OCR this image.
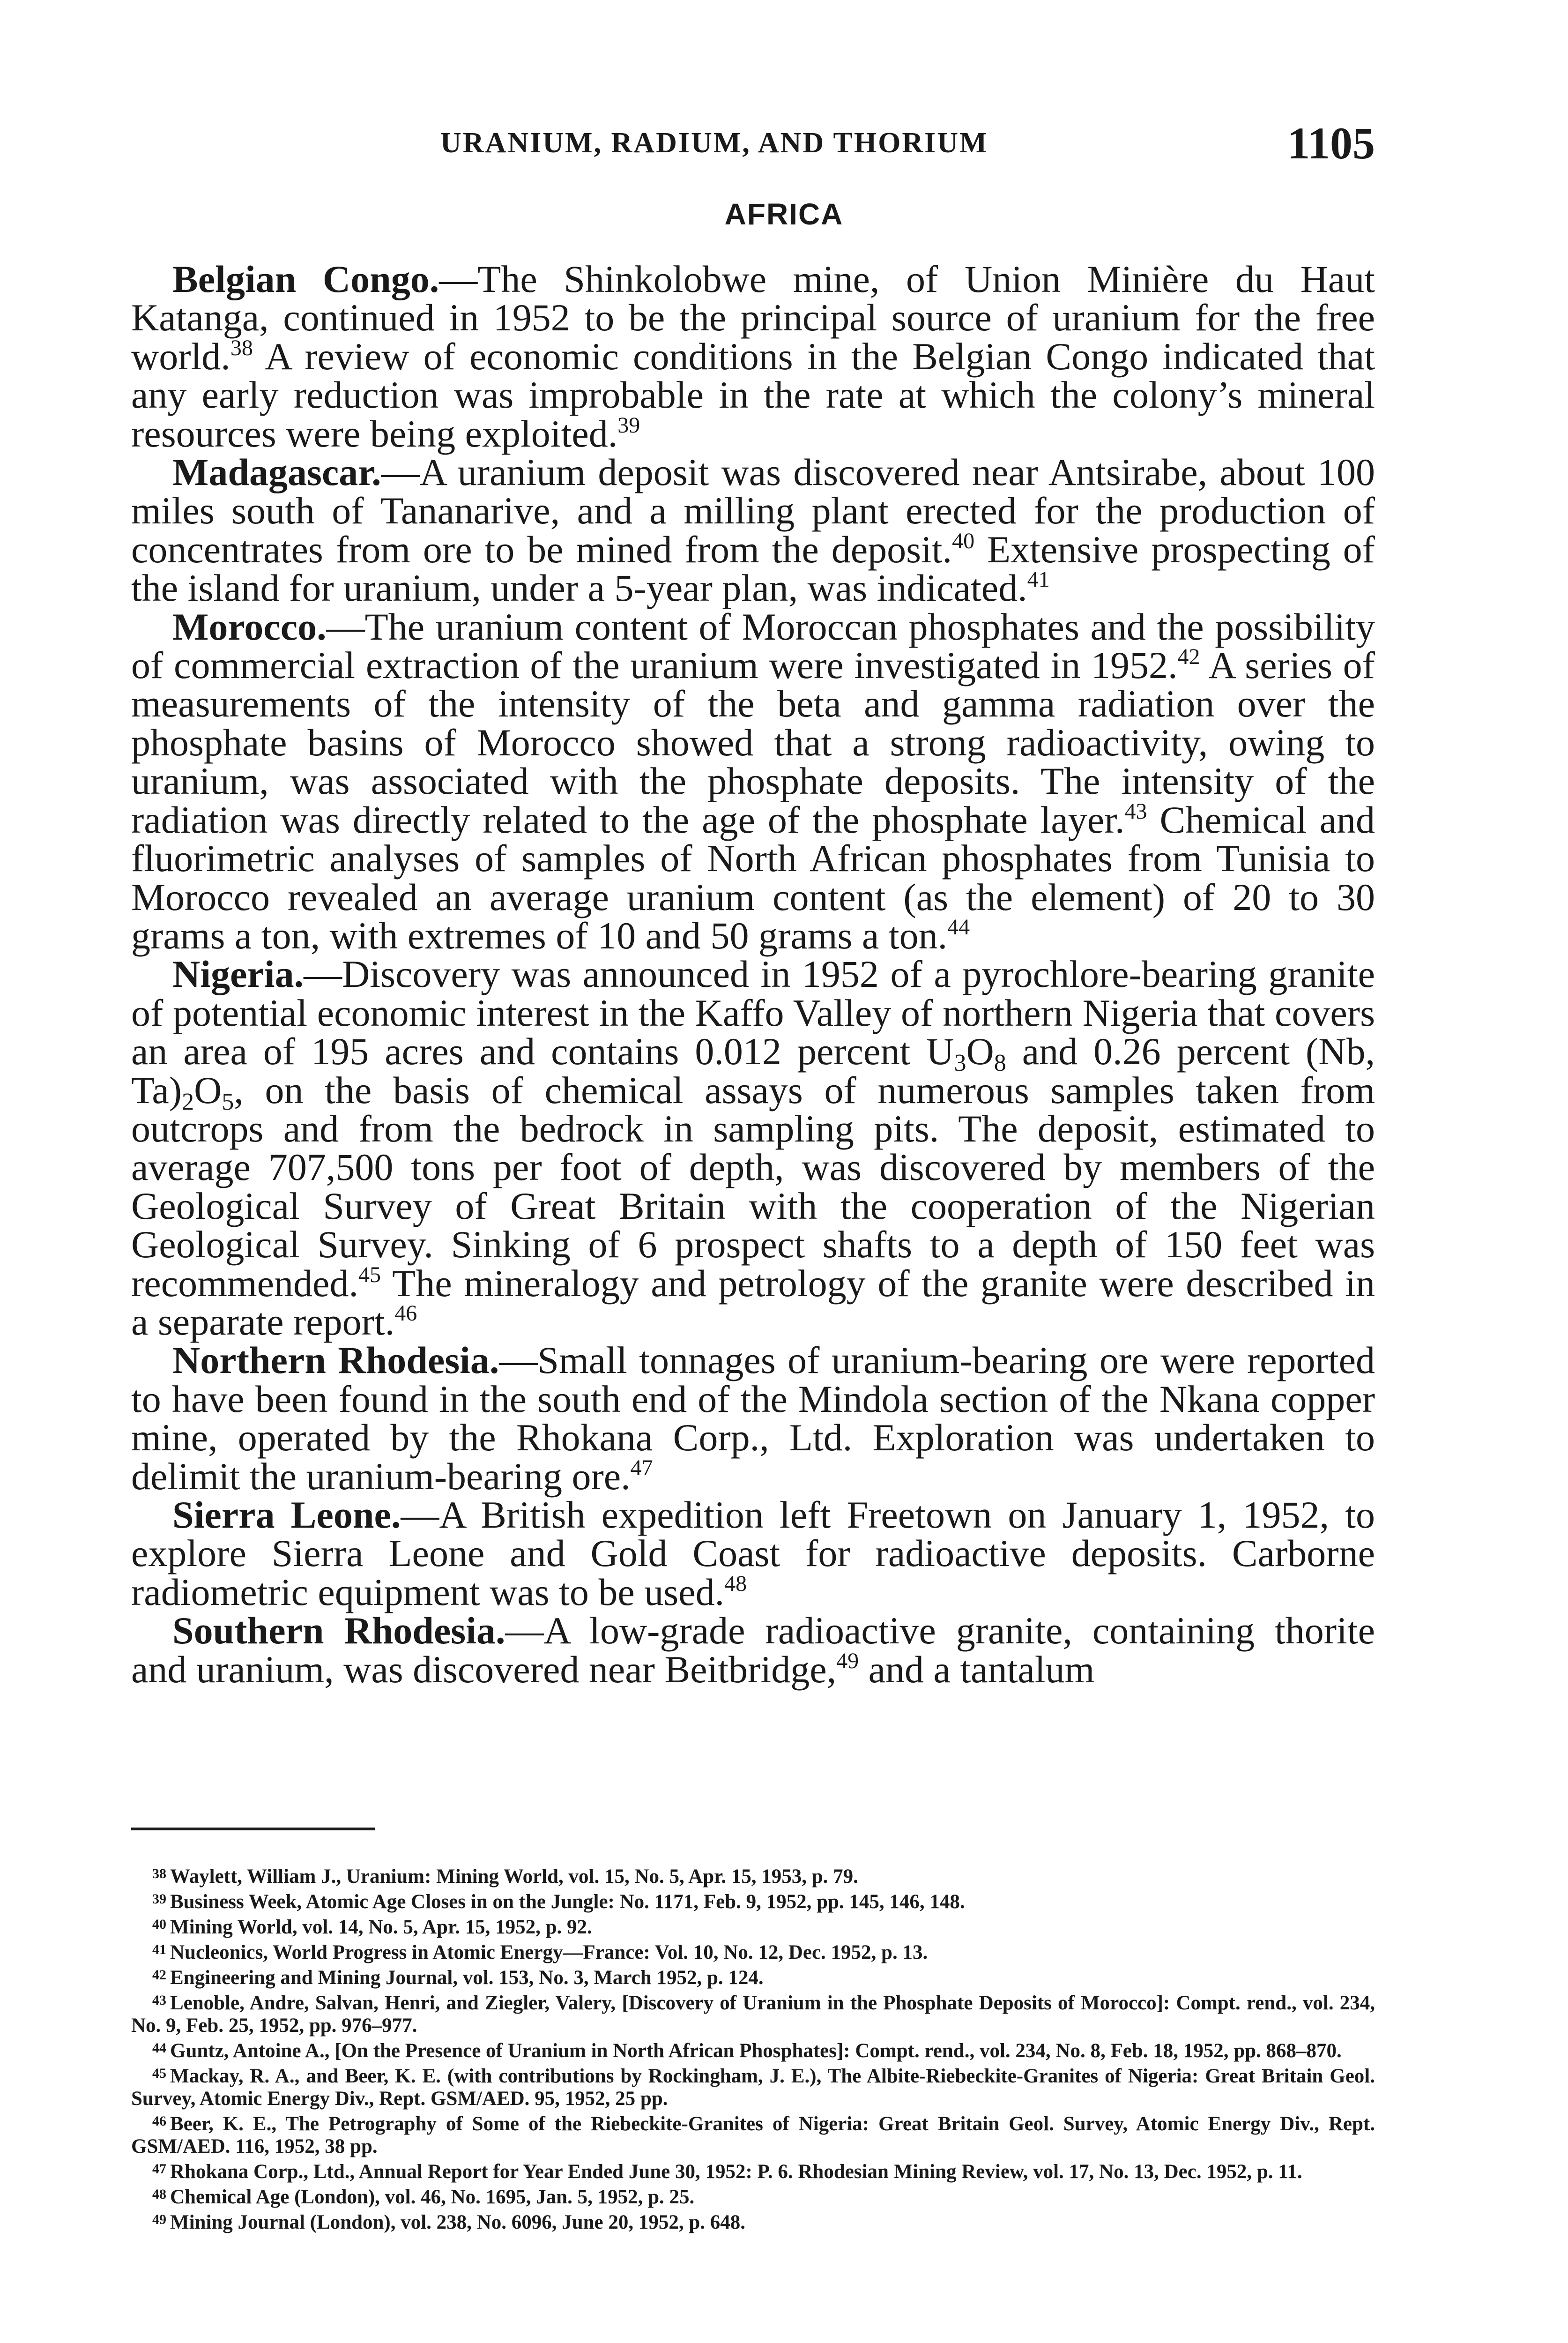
URANIUM, RADIUM, AND THORIUM	1105
AFRICA

Belgian Congo.—The Shinkolobwe mine, of Union Minière du Haut Katanga, continued in 1952 to be the principal source of uranium for the free world.$^{38}$ A review of economic conditions in the Belgian Congo indicated that any early reduction was improbable in the rate at which the colony’s mineral resources were being exploited.$^{39}$

Madagascar.—A uranium deposit was discovered near Antsirabe, about 100 miles south of Tananarive, and a milling plant erected for the production of concentrates from ore to be mined from the deposit.$^{40}$ Extensive prospecting of the island for uranium, under a 5-year plan, was indicated.$^{41}$

Morocco.—The uranium content of Moroccan phosphates and the possibility of commercial extraction of the uranium were investigated in 1952.42 A series of measurements of the intensity of the beta and gamma radiation over the phosphate basins of Morocco showed that a strong radioactivity, owing to uranium, was associated with the phosphate deposits. The intensity of the radiation was directly related to the age of the phosphate layer.$^{43}$ Chemical and fluorimetric analyses of samples of North African phosphates from Tunisia to Morocco revealed an average uranium content (as the element) of 20 to 30 grams a ton, with extremes of 10 and 50 grams a ton.$^{44}$

Nigeria.—Discovery was announced in 1952 of a pyrochlore-bearing granite of potential economic interest in the Kaffo Valley of northern Nigeria that covers an area of 195 acres and contains 0.012 percent $U_3O_8$ and 0.26 percent (Nb, $Ta)_2O_5$, on the basis of chemical assays of numerous samples taken from outcrops and from the bedrock in sampling pits. The deposit, estimated to average 707,500 tons per foot of depth, was discovered by members of the Geological Survey of Great Britain with the cooperation of the Nigerian Geological Survey. Sinking of 6 prospect shafts to a depth of 150 feet was recommended.$^{45}$ The mineralogy and petrology of the granite were described in a separate report.$^{46}$

Northern Rhodesia.—Small tonnages of uranium-bearing ore were reported to have been found in the south end of the Mindola section of the Nkana copper mine, operated by the Rhokana Corp., Ltd. Exploration was undertaken to delimit the uranium-bearing ore.$^{47}$

Sierra Leone.—A British expedition left Freetown on January 1, 1952, to explore Sierra Leone and Gold Coast for radioactive deposits. Carborne radiometric equipment was to be used.$^{48}$

Southern Rhodesia.—A low-grade radioactive granite, containing thorite and uranium, was discovered near Beitbridge,$^{49}$ and a tantalum

$^{38}$ Waylett, William J., Uranium: Mining World, vol. 15, No. 5, Apr. 15, 1953, p. 79.

$^{39}$ Business Week, Atomic Age Closes in on the Jungle: No. 1171, Feb. 9, 1952, pp. 145, 146, 148.

$^{40}$ Mining World, vol. 14, No. 5, Apr. 15, 1952, p. 92.

$^{41}$ Nucleonics, World Progress in Atomic Energy—France: Vol. 10, No. 12, Dec. 1952, p. 13.

$^{42}$ Engineering and Mining Journal, vol. 153, No. 3, March 1952, p. 124.

$^{43}$ Lenoble, Andre, Salvan, Henri, and Ziegler, Valery, [Discovery of Uranium in the Phosphate Deposits of Morocco]: Compt. rend., vol. 234, No. 9, Feb. 25, 1952, pp. 976–977.

$^{44}$ Guntz, Antoine A., [On the Presence of Uranium in North African Phosphates]: Compt. rend., vol. 234, No. 8, Feb. 18, 1952, pp. 868–870.

$^{45}$ Mackay, R. A., and Beer, K. E. (with contributions by Rockingham, J. E.), The Albite-Riebeckite-Granites of Nigeria: Great Britain Geol. Survey, Atomic Energy Div., Rept. GSM/AED. 95, 1952, 25 pp.

$^{46}$ Beer, K. E., The Petrography of Some of the Riebeckite-Granites of Nigeria: Great Britain Geol. Survey, Atomic Energy Div., Rept. GSM/AED. 116, 1952, 38 pp.

$^{47}$ Rhokana Corp., Ltd., Annual Report for Year Ended June 30, 1952: P. 6. Rhodesian Mining Review, vol. 17, No. 13, Dec. 1952, p. 11.

$^{48}$ Chemical Age (London), vol. 46, No. 1695, Jan. 5, 1952, p. 25.

$^{49}$ Mining Journal (London), vol. 238, No. 6096, June 20, 1952, p. 648.
